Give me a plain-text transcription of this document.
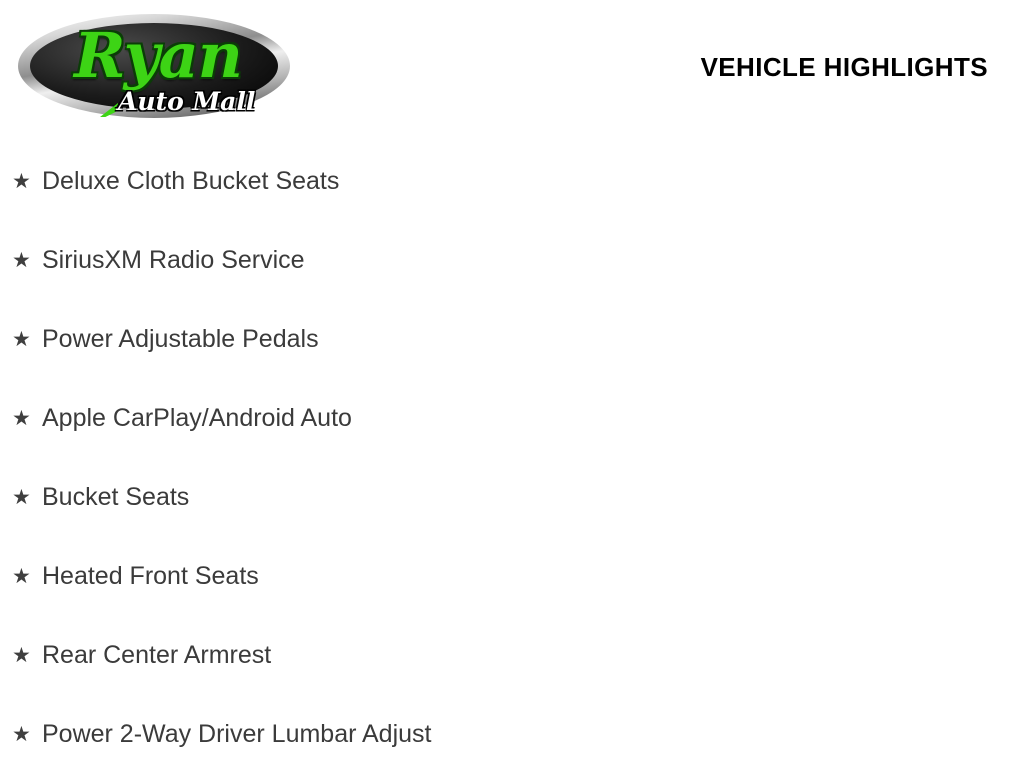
Ryan
Auto Mall
VEHICLE HIGHLIGHTS
★ Deluxe Cloth Bucket Seats
★ SiriusXM Radio Service
★ Power Adjustable Pedals
★ Apple CarPlay/Android Auto
★ Bucket Seats
★ Heated Front Seats
★ Rear Center Armrest
★ Power 2-Way Driver Lumbar Adjust
